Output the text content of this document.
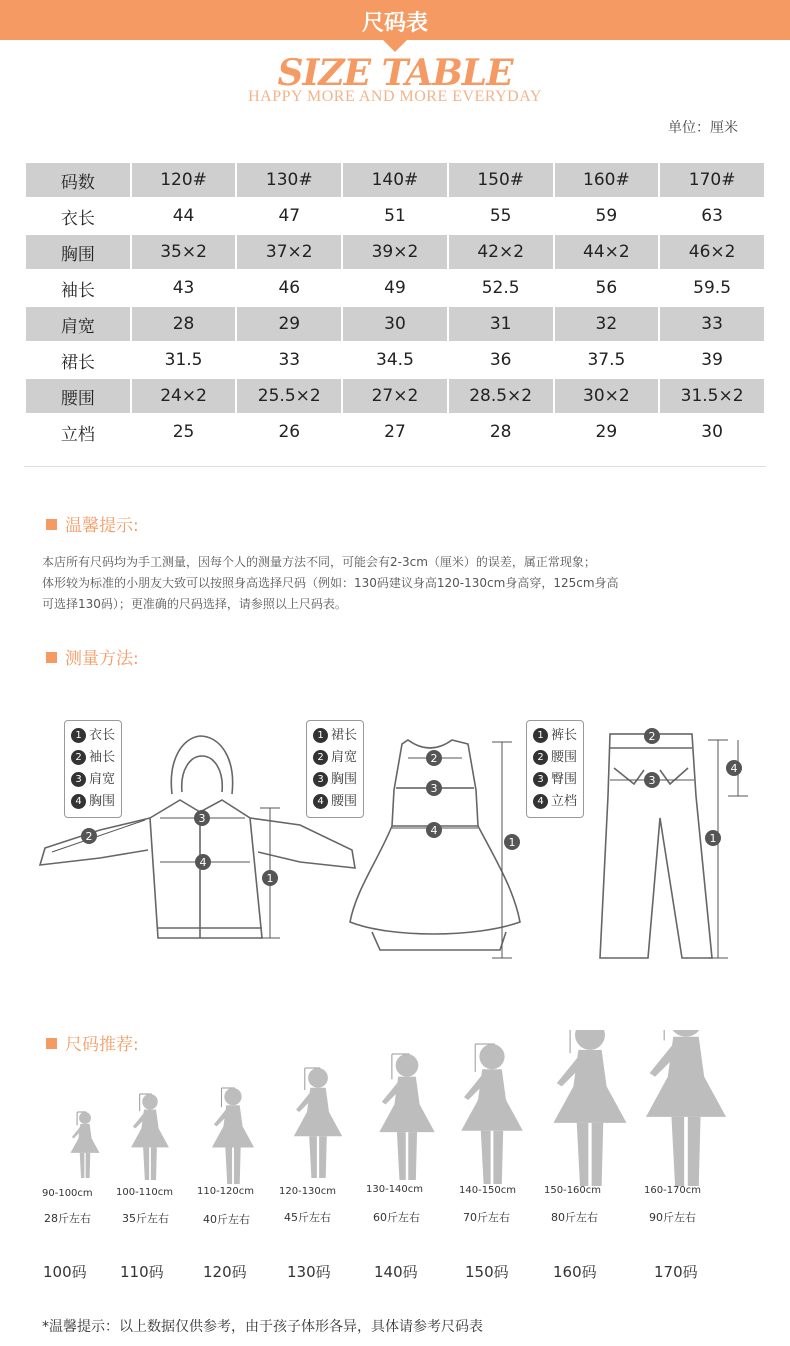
尺码表
SIZE TABLE
HAPPY MORE AND MORE EVERYDAY
单位：厘米
码数	120#	130#	140#	150#	160#	170#
衣长	44	47	51	55	59	63
胸围	35×2	37×2	39×2	42×2	44×2	46×2
袖长	43	46	49	52.5	56	59.5
肩宽	28	29	30	31	32	33
裙长	31.5	33	34.5	36	37.5	39
腰围	24×2	25.5×2	27×2	28.5×2	30×2	31.5×2
立档	25	26	27	28	29	30
温馨提示:

本店所有尺码均为手工测量，因每个人的测量方法不同，可能会有2-3cm（厘米）的误差，属正常现象；

体形较为标准的小朋友大致可以按照身高选择尺码（例如：130码建议身高120-130cm身高穿，125cm身高

可选择130码）；更准确的尺码选择，请参照以上尺码表。

测量方法:
1
2
3
4
1
2
3
4
1
2
3
4
1 衣长
2 袖长
3 肩宽
4 胸围
1 裙长
2 肩宽
3 胸围
4 腰围
1 裤长
2 腰围
3 臀围
4 立档
尺码推荐:
90-100cm 100-110cm 110-120cm 120-130cm	130-140cm	140-150cm	150-160cm	160-170cm
28斤左右	35斤左右	40斤左右	45斤左右	60斤左右	70斤左右	80斤左右	90斤左右
100码 110码	120码	130码	140码	150码	160码	170码
*温馨提示：以上数据仅供参考，由于孩子体形各异，具体请参考尺码表
